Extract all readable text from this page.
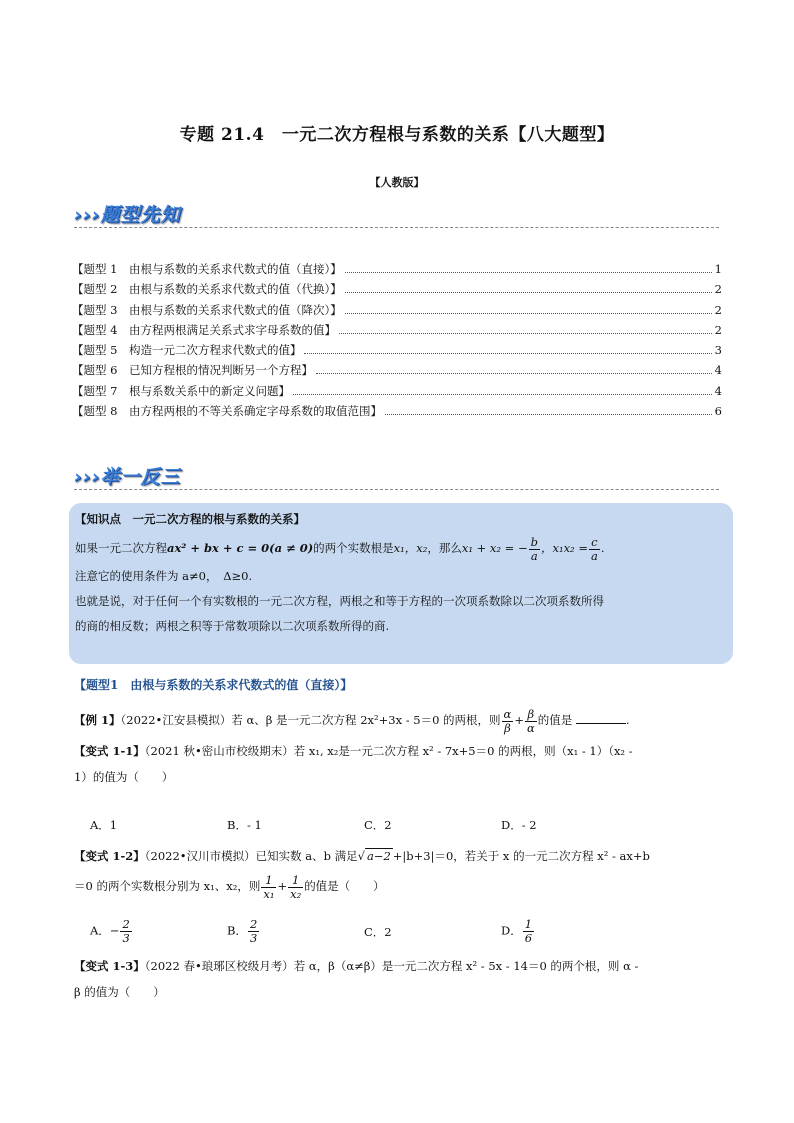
专题 21.4　一元二次方程根与系数的关系【八大题型】
【人教版】
›››题型先知
【题型 1　由根与系数的关系求代数式的值（直接）】	1
【题型 2　由根与系数的关系求代数式的值（代换）】	2
【题型 3　由根与系数的关系求代数式的值（降次）】	2
【题型 4　由方程两根满足关系式求字母系数的值】	2
【题型 5　构造一元二次方程求代数式的值】	3
【题型 6　已知方程根的情况判断另一个方程】	4
【题型 7　根与系数关系中的新定义问题】	4
【题型 8　由方程两根的不等关系确定字母系数的取值范围】	6
›››举一反三
【知识点　一元二次方程的根与系数的关系】
如果一元二次方程ax² + bx + c = 0(a ≠ 0)的两个实数根是x₁，x₂，那么x₁ + x₂ = − $\frac{b}{a}$ ，$x_1x_2 = \frac{c}{a}$ .
注意它的使用条件为 a≠0，　Δ≥0.
也就是说，对于任何一个有实数根的一元二次方程，两根之和等于方程的一次项系数除以二次项系数所得
的商的相反数；两根之积等于常数项除以二次项系数所得的商.
【题型1　由根与系数的关系求代数式的值（直接）】
【例 1】（2022•江安县模拟）若 α、β 是一元二次方程 2x²+3x - 5＝0 的两根，则 $\frac{\alpha}{\beta} + \frac{\beta}{\alpha}$ 的值是	.
【变式 1-1】（2021 秋•密山市校级期末）若 x₁, x₂是一元二次方程 x² - 7x+5＝0 的两根，则（x₁ - 1）（x₂ -
1）的值为（　　）
A．1	B．- 1	C．2	D．- 2
【变式 1-2】（2022•汉川市模拟）已知实数 a、b 满足√ a−2 +|b+3|＝0，若关于 x 的一元二次方程 x² - ax+b
＝0 的两个实数根分别为 x₁、x₂，则 $\frac{1}{\text{x₁}} + \frac{1}{\text{x₂}}$ 的值是（　　）
A．− $\frac{2}{3}$	B． $\frac{2}{3}$	C．2	D． $\frac{1}{6}$
【变式 1-3】（2022 春•琅琊区校级月考）若 α，β（α≠β）是一元二次方程 x² - 5x - 14＝0 的两个根，则 α -
β 的值为（　　）
